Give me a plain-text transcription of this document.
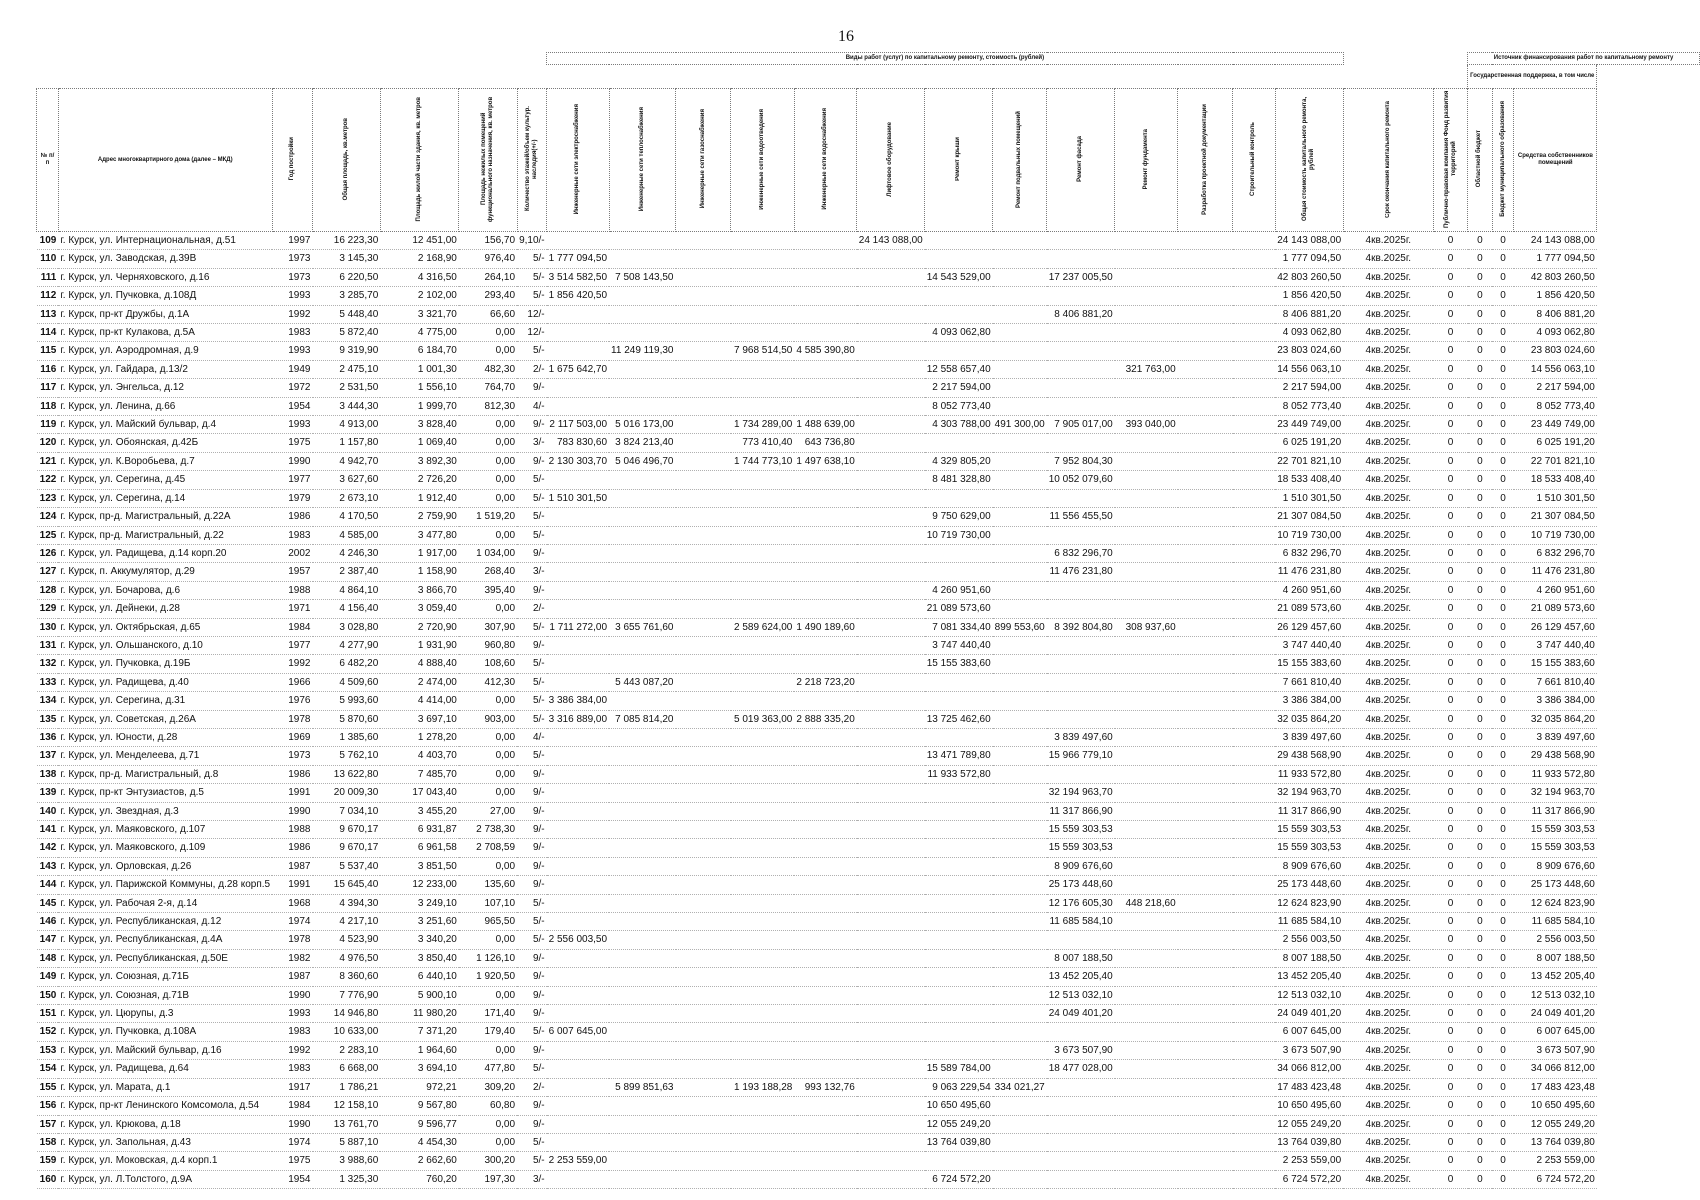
16
							Виды работ (услуг) по капитальному ремонту, стоимость (рублей)															Источник финансирования работ по капитальному ремонту			
																						Государственная поддержка, в том числе			
№ п/п	Адрес многоквартирного дома (далее – МКД)	Год постройки	Общая площадь, кв.метров	Площадь жилой части здания, кв. метров	Площадь нежилых помещений функционального назначения, кв. метров	Количество этажей/объем культур. наследия(+/-)	Инженерные сети электроснабжения	Инженерные сети теплоснабжения	Инженерные сети газоснабжения	Инженерные сети водоотведения	Инженерные сети водоснабжения	Лифтовое оборудование	Ремонт крыши	Ремонт подвальных помещений	Ремонт фасада	Ремонт фундамента	Разработка проектной документации	Строительный контроль	Общая стоимость капитального ремонта, рублей	Срок окончания капитального ремонта	Публично-правовая компания Фонд развития территорий	Областной бюджет	Бюджет муниципального образования	Средства собственников помещений	
109	г. Курск, ул. Интернациональная, д.51	1997	16 223,30	12 451,00	156,70	9,10/-						24 143 088,00							24 143 088,00	4кв.2025г.	0	0	0	24 143 088,00	
110	г. Курск, ул. Заводская, д.39В	1973	3 145,30	2 168,90	976,40	5/-	1 777 094,50												1 777 094,50	4кв.2025г.	0	0	0	1 777 094,50	
111	г. Курск, ул. Черняховского, д.16	1973	6 220,50	4 316,50	264,10	5/-	3 514 582,50	7 508 143,50					14 543 529,00		17 237 005,50				42 803 260,50	4кв.2025г.	0	0	0	42 803 260,50	
112	г. Курск, ул. Пучковка, д.108Д	1993	3 285,70	2 102,00	293,40	5/-	1 856 420,50												1 856 420,50	4кв.2025г.	0	0	0	1 856 420,50	
113	г. Курск, пр-кт Дружбы, д.1А	1992	5 448,40	3 321,70	66,60	12/-									8 406 881,20				8 406 881,20	4кв.2025г.	0	0	0	8 406 881,20	
114	г. Курск, пр-кт Кулакова, д.5А	1983	5 872,40	4 775,00	0,00	12/-							4 093 062,80						4 093 062,80	4кв.2025г.	0	0	0	4 093 062,80	
115	г. Курск, ул. Аэродромная, д.9	1993	9 319,90	6 184,70	0,00	5/-		11 249 119,30		7 968 514,50	4 585 390,80								23 803 024,60	4кв.2025г.	0	0	0	23 803 024,60	
116	г. Курск, ул. Гайдара, д.13/2	1949	2 475,10	1 001,30	482,30	2/-	1 675 642,70						12 558 657,40			321 763,00			14 556 063,10	4кв.2025г.	0	0	0	14 556 063,10	
117	г. Курск, ул. Энгельса, д.12	1972	2 531,50	1 556,10	764,70	9/-							2 217 594,00						2 217 594,00	4кв.2025г.	0	0	0	2 217 594,00	
118	г. Курск, ул. Ленина, д.66	1954	3 444,30	1 999,70	812,30	4/-							8 052 773,40						8 052 773,40	4кв.2025г.	0	0	0	8 052 773,40	
119	г. Курск, ул. Майский бульвар, д.4	1993	4 913,00	3 828,40	0,00	9/-	2 117 503,00	5 016 173,00		1 734 289,00	1 488 639,00		4 303 788,00	491 300,00	7 905 017,00	393 040,00			23 449 749,00	4кв.2025г.	0	0	0	23 449 749,00	
120	г. Курск, ул. Обоянская, д.42Б	1975	1 157,80	1 069,40	0,00	3/-	783 830,60	3 824 213,40		773 410,40	643 736,80								6 025 191,20	4кв.2025г.	0	0	0	6 025 191,20	
121	г. Курск, ул. К.Воробьева, д.7	1990	4 942,70	3 892,30	0,00	9/-	2 130 303,70	5 046 496,70		1 744 773,10	1 497 638,10		4 329 805,20		7 952 804,30				22 701 821,10	4кв.2025г.	0	0	0	22 701 821,10	
122	г. Курск, ул. Серегина, д.45	1977	3 627,60	2 726,20	0,00	5/-							8 481 328,80		10 052 079,60				18 533 408,40	4кв.2025г.	0	0	0	18 533 408,40	
123	г. Курск, ул. Серегина, д.14	1979	2 673,10	1 912,40	0,00	5/-	1 510 301,50												1 510 301,50	4кв.2025г.	0	0	0	1 510 301,50	
124	г. Курск, пр-д. Магистральный, д.22А	1986	4 170,50	2 759,90	1 519,20	5/-							9 750 629,00		11 556 455,50				21 307 084,50	4кв.2025г.	0	0	0	21 307 084,50	
125	г. Курск, пр-д. Магистральный, д.22	1983	4 585,00	3 477,80	0,00	5/-							10 719 730,00						10 719 730,00	4кв.2025г.	0	0	0	10 719 730,00	
126	г. Курск, ул. Радищева, д.14 корп.20	2002	4 246,30	1 917,00	1 034,00	9/-									6 832 296,70				6 832 296,70	4кв.2025г.	0	0	0	6 832 296,70	
127	г. Курск, п. Аккумулятор, д.29	1957	2 387,40	1 158,90	268,40	3/-									11 476 231,80				11 476 231,80	4кв.2025г.	0	0	0	11 476 231,80	
128	г. Курск, ул. Бочарова, д.6	1988	4 864,10	3 866,70	395,40	9/-							4 260 951,60						4 260 951,60	4кв.2025г.	0	0	0	4 260 951,60	
129	г. Курск, ул. Дейнеки, д.28	1971	4 156,40	3 059,40	0,00	2/-							21 089 573,60						21 089 573,60	4кв.2025г.	0	0	0	21 089 573,60	
130	г. Курск, ул. Октябрьская, д.65	1984	3 028,80	2 720,90	307,90	5/-	1 711 272,00	3 655 761,60		2 589 624,00	1 490 189,60		7 081 334,40	899 553,60	8 392 804,80	308 937,60			26 129 457,60	4кв.2025г.	0	0	0	26 129 457,60	
131	г. Курск, ул. Ольшанского, д.10	1977	4 277,90	1 931,90	960,80	9/-							3 747 440,40						3 747 440,40	4кв.2025г.	0	0	0	3 747 440,40	
132	г. Курск, ул. Пучковка, д.19Б	1992	6 482,20	4 888,40	108,60	5/-							15 155 383,60						15 155 383,60	4кв.2025г.	0	0	0	15 155 383,60	
133	г. Курск, ул. Радищева, д.40	1966	4 509,60	2 474,00	412,30	5/-		5 443 087,20			2 218 723,20								7 661 810,40	4кв.2025г.	0	0	0	7 661 810,40	
134	г. Курск, ул. Серегина, д.31	1976	5 993,60	4 414,00	0,00	5/-	3 386 384,00												3 386 384,00	4кв.2025г.	0	0	0	3 386 384,00	
135	г. Курск, ул. Советская, д.26А	1978	5 870,60	3 697,10	903,00	5/-	3 316 889,00	7 085 814,20		5 019 363,00	2 888 335,20		13 725 462,60						32 035 864,20	4кв.2025г.	0	0	0	32 035 864,20	
136	г. Курск, ул. Юности, д.28	1969	1 385,60	1 278,20	0,00	4/-									3 839 497,60				3 839 497,60	4кв.2025г.	0	0	0	3 839 497,60	
137	г. Курск, ул. Менделеева, д.71	1973	5 762,10	4 403,70	0,00	5/-							13 471 789,80		15 966 779,10				29 438 568,90	4кв.2025г.	0	0	0	29 438 568,90	
138	г. Курск, пр-д. Магистральный, д.8	1986	13 622,80	7 485,70	0,00	9/-							11 933 572,80						11 933 572,80	4кв.2025г.	0	0	0	11 933 572,80	
139	г. Курск, пр-кт Энтузиастов, д.5	1991	20 009,30	17 043,40	0,00	9/-									32 194 963,70				32 194 963,70	4кв.2025г.	0	0	0	32 194 963,70	
140	г. Курск, ул. Звездная, д.3	1990	7 034,10	3 455,20	27,00	9/-									11 317 866,90				11 317 866,90	4кв.2025г.	0	0	0	11 317 866,90	
141	г. Курск, ул. Маяковского, д.107	1988	9 670,17	6 931,87	2 738,30	9/-									15 559 303,53				15 559 303,53	4кв.2025г.	0	0	0	15 559 303,53	
142	г. Курск, ул. Маяковского, д.109	1986	9 670,17	6 961,58	2 708,59	9/-									15 559 303,53				15 559 303,53	4кв.2025г.	0	0	0	15 559 303,53	
143	г. Курск, ул. Орловская, д.26	1987	5 537,40	3 851,50	0,00	9/-									8 909 676,60				8 909 676,60	4кв.2025г.	0	0	0	8 909 676,60	
144	г. Курск, ул. Парижской Коммуны, д.28 корп.5	1991	15 645,40	12 233,00	135,60	9/-									25 173 448,60				25 173 448,60	4кв.2025г.	0	0	0	25 173 448,60	
145	г. Курск, ул. Рабочая 2-я, д.14	1968	4 394,30	3 249,10	107,10	5/-									12 176 605,30	448 218,60			12 624 823,90	4кв.2025г.	0	0	0	12 624 823,90	
146	г. Курск, ул. Республиканская, д.12	1974	4 217,10	3 251,60	965,50	5/-									11 685 584,10				11 685 584,10	4кв.2025г.	0	0	0	11 685 584,10	
147	г. Курск, ул. Республиканская, д.4А	1978	4 523,90	3 340,20	0,00	5/-	2 556 003,50												2 556 003,50	4кв.2025г.	0	0	0	2 556 003,50	
148	г. Курск, ул. Республиканская, д.50Е	1982	4 976,50	3 850,40	1 126,10	9/-									8 007 188,50				8 007 188,50	4кв.2025г.	0	0	0	8 007 188,50	
149	г. Курск, ул. Союзная, д.71Б	1987	8 360,60	6 440,10	1 920,50	9/-									13 452 205,40				13 452 205,40	4кв.2025г.	0	0	0	13 452 205,40	
150	г. Курск, ул. Союзная, д.71В	1990	7 776,90	5 900,10	0,00	9/-									12 513 032,10				12 513 032,10	4кв.2025г.	0	0	0	12 513 032,10	
151	г. Курск, ул. Цюрупы, д.3	1993	14 946,80	11 980,20	171,40	9/-									24 049 401,20				24 049 401,20	4кв.2025г.	0	0	0	24 049 401,20	
152	г. Курск, ул. Пучковка, д.108А	1983	10 633,00	7 371,20	179,40	5/-	6 007 645,00												6 007 645,00	4кв.2025г.	0	0	0	6 007 645,00	
153	г. Курск, ул. Майский бульвар, д.16	1992	2 283,10	1 964,60	0,00	9/-									3 673 507,90				3 673 507,90	4кв.2025г.	0	0	0	3 673 507,90	
154	г. Курск, ул. Радищева, д.64	1983	6 668,00	3 694,10	477,80	5/-							15 589 784,00		18 477 028,00				34 066 812,00	4кв.2025г.	0	0	0	34 066 812,00	
155	г. Курск, ул. Марата, д.1	1917	1 786,21	972,21	309,20	2/-		5 899 851,63		1 193 188,28	993 132,76		9 063 229,54	334 021,27					17 483 423,48	4кв.2025г.	0	0	0	17 483 423,48	
156	г. Курск, пр-кт Ленинского Комсомола, д.54	1984	12 158,10	9 567,80	60,80	9/-							10 650 495,60						10 650 495,60	4кв.2025г.	0	0	0	10 650 495,60	
157	г. Курск, ул. Крюкова, д.18	1990	13 761,70	9 596,77	0,00	9/-							12 055 249,20						12 055 249,20	4кв.2025г.	0	0	0	12 055 249,20	
158	г. Курск, ул. Запольная, д.43	1974	5 887,10	4 454,30	0,00	5/-							13 764 039,80						13 764 039,80	4кв.2025г.	0	0	0	13 764 039,80	
159	г. Курск, ул. Моковская, д.4 корп.1	1975	3 988,60	2 662,60	300,20	5/-	2 253 559,00												2 253 559,00	4кв.2025г.	0	0	0	2 253 559,00	
160	г. Курск, ул. Л.Толстого, д.9А	1954	1 325,30	760,20	197,30	3/-							6 724 572,20						6 724 572,20	4кв.2025г.	0	0	0	6 724 572,20	
